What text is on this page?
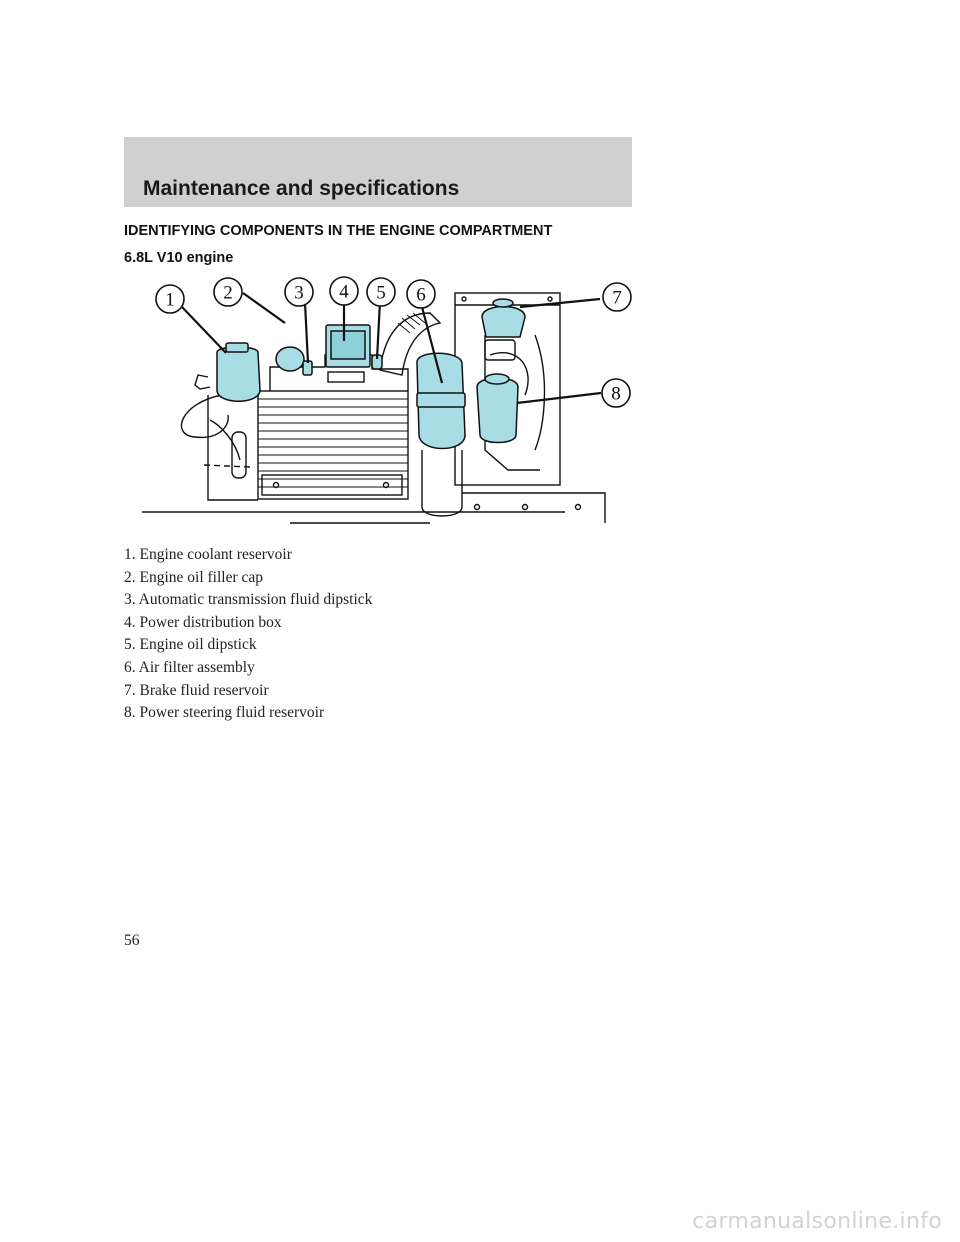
Maintenance and specifications
IDENTIFYING COMPONENTS IN THE ENGINE COMPARTMENT
6.8L V10 engine
1	2	3 4 5 6	7
8
1. Engine coolant reservoir
2. Engine oil filler cap
3. Automatic transmission fluid dipstick
4. Power distribution box
5. Engine oil dipstick
6. Air filter assembly
7. Brake fluid reservoir
8. Power steering fluid reservoir
56
carmanualsonline.info
